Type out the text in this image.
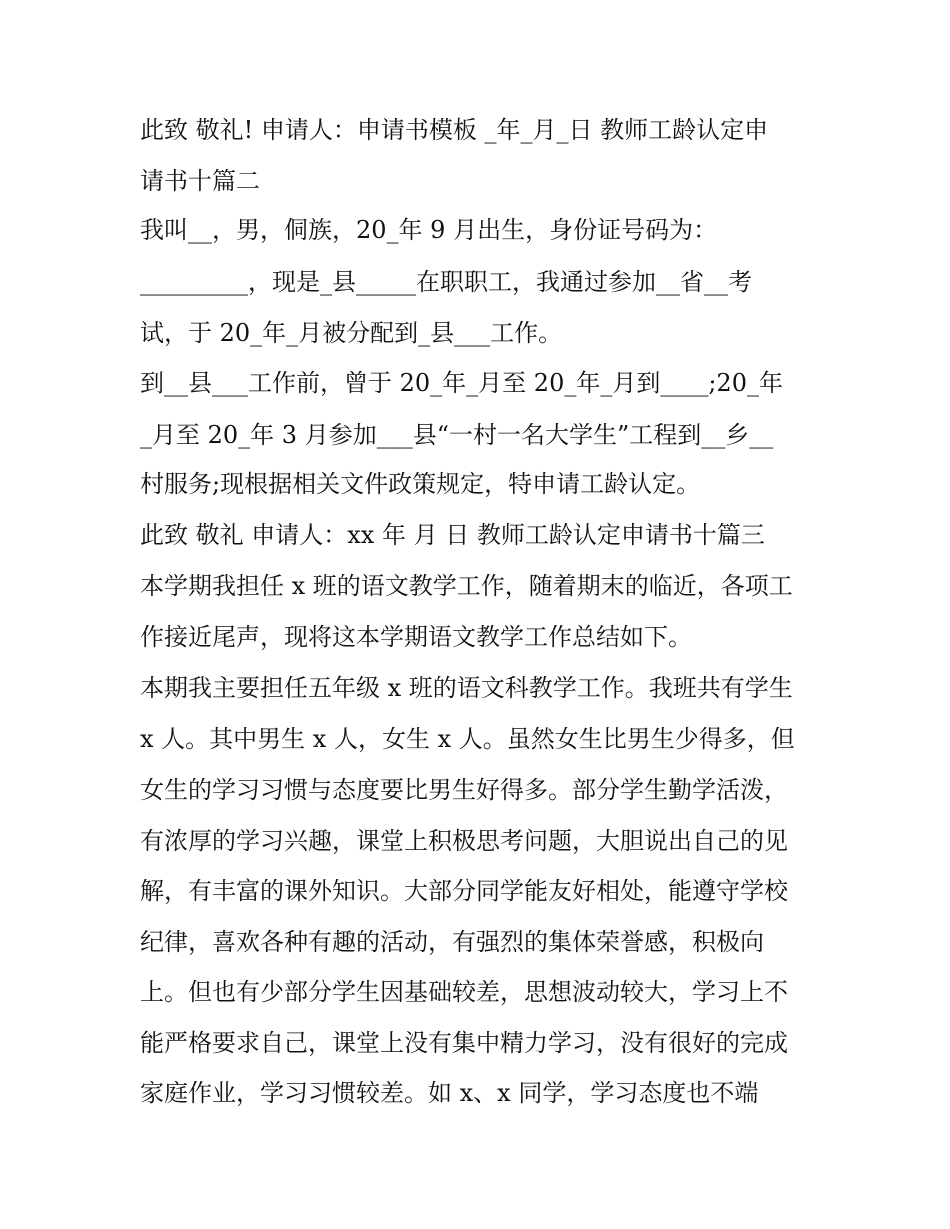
此致 敬礼! 申请人：申请书模板 _年_月_日 教师工龄认定申
请书十篇二
我叫__，男，侗族，20_年 9 月出生，身份证号码为：
_________，现是_县_____在职职工，我通过参加__省__考
试，于 20_年_月被分配到_县___工作。
到__县___工作前，曾于 20_年_月至 20_年_月到____;20_年
_月至 20_年 3 月参加___县“一村一名大学生”工程到__乡__
村服务;现根据相关文件政策规定，特申请工龄认定。
此致 敬礼 申请人：xx 年 月 日 教师工龄认定申请书十篇三
本学期我担任 x 班的语文教学工作，随着期末的临近，各项工
作接近尾声，现将这本学期语文教学工作总结如下。
本期我主要担任五年级 x 班的语文科教学工作。我班共有学生
x 人。其中男生 x 人，女生 x 人。虽然女生比男生少得多，但
女生的学习习惯与态度要比男生好得多。部分学生勤学活泼，
有浓厚的学习兴趣，课堂上积极思考问题，大胆说出自己的见
解，有丰富的课外知识。大部分同学能友好相处，能遵守学校
纪律，喜欢各种有趣的活动，有强烈的集体荣誉感，积极向
上。但也有少部分学生因基础较差，思想波动较大，学习上不
能严格要求自己，课堂上没有集中精力学习，没有很好的完成
家庭作业，学习习惯较差。如 x、x 同学，学习态度也不端
